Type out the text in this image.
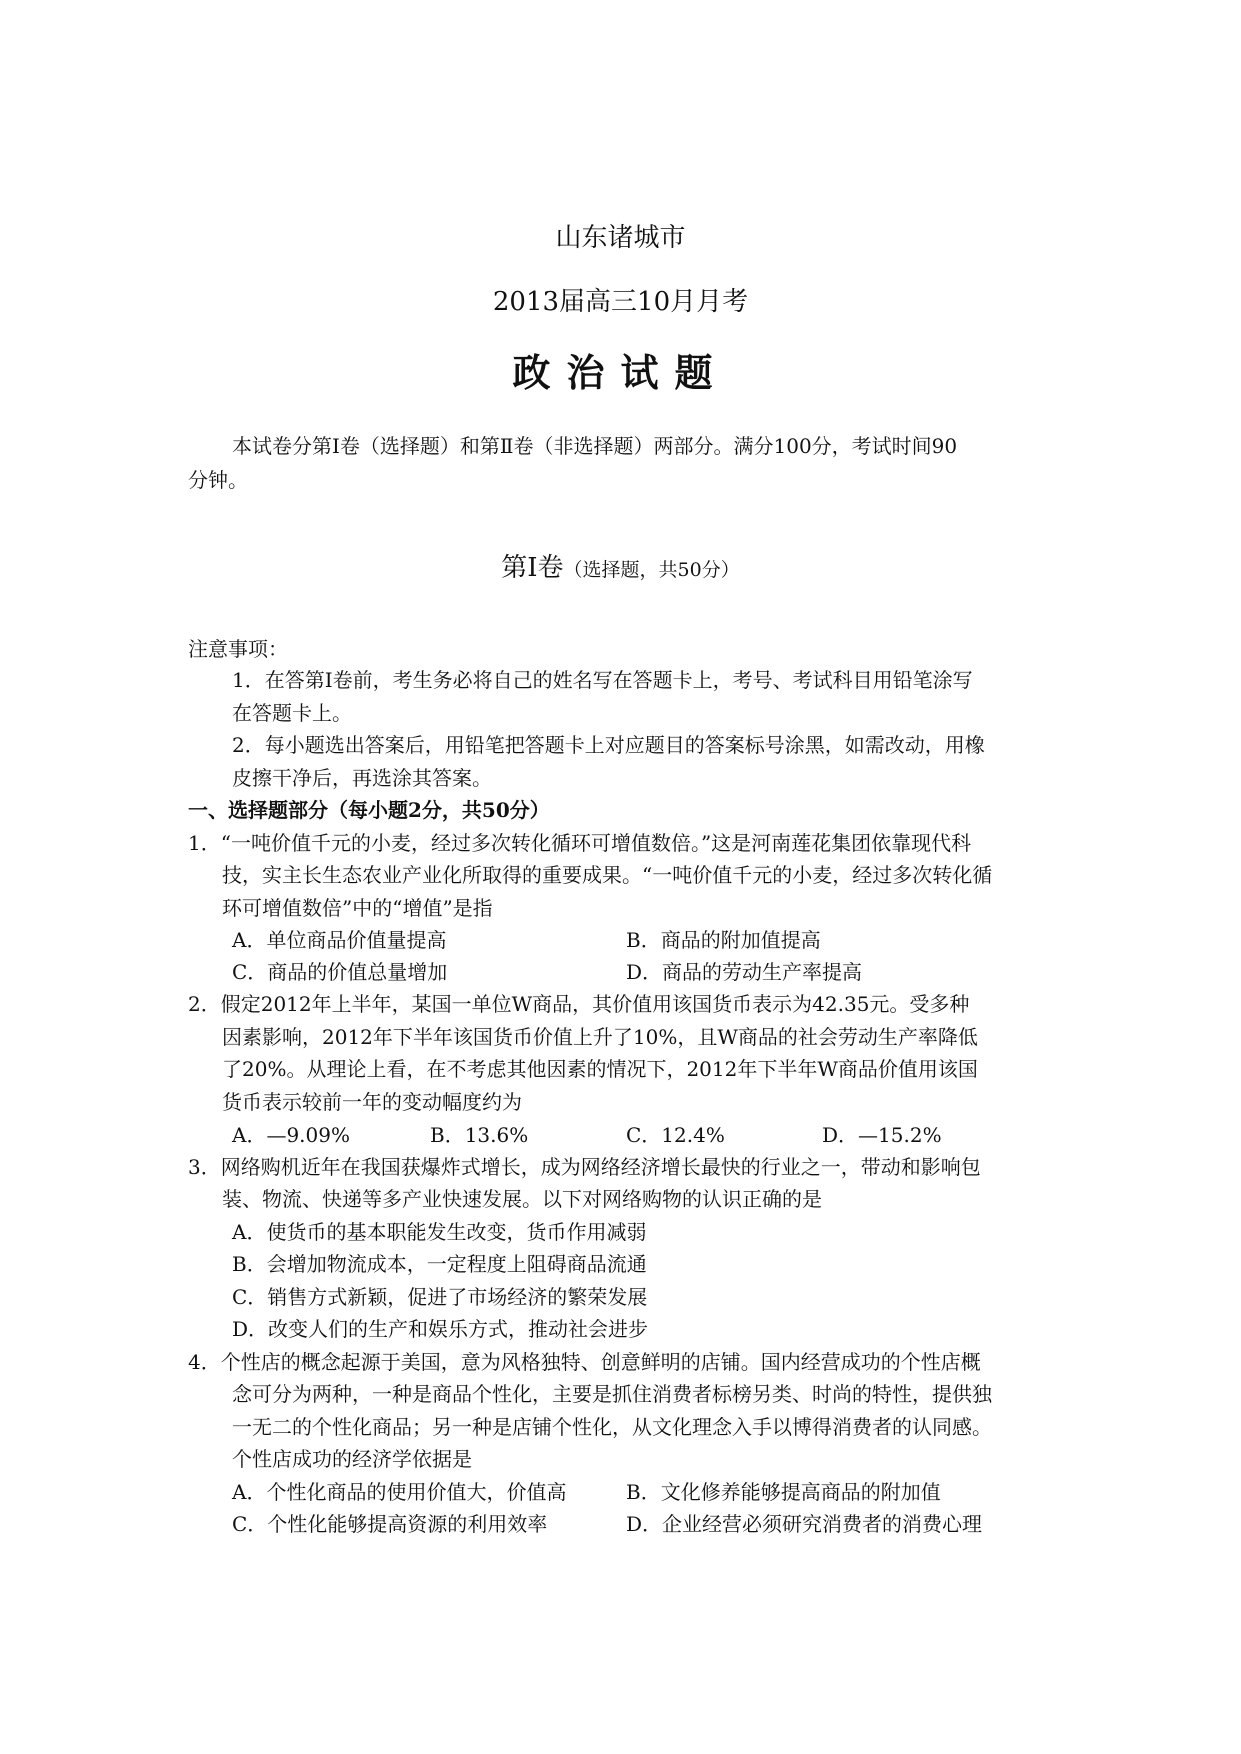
山东诸城市
2013届高三10月月考
政治试题
本试卷分第Ⅰ卷（选择题）和第Ⅱ卷（非选择题）两部分。满分100分，考试时间90
分钟。
第Ⅰ卷（选择题，共50分）
注意事项：
1．在答第Ⅰ卷前，考生务必将自己的姓名写在答题卡上，考号、考试科目用铅笔涂写
在答题卡上。
2．每小题选出答案后，用铅笔把答题卡上对应题目的答案标号涂黑，如需改动，用橡
皮擦干净后，再选涂其答案。
一、选择题部分（每小题2分，共50分）
1．“一吨价值千元的小麦，经过多次转化循环可增值数倍。”这是河南莲花集团依靠现代科
技，实主长生态农业产业化所取得的重要成果。“一吨价值千元的小麦，经过多次转化循
环可增值数倍”中的“增值”是指
A．单位商品价值量提高	B．商品的附加值提高
C．商品的价值总量增加	D．商品的劳动生产率提高
2．假定2012年上半年，某国一单位W商品，其价值用该国货币表示为42.35元。受多种
因素影响，2012年下半年该国货币价值上升了10%，且W商品的社会劳动生产率降低
了20%。从理论上看，在不考虑其他因素的情况下，2012年下半年W商品价值用该国
货币表示较前一年的变动幅度约为
A．—9.09%	B．13.6%	C．12.4%	D．—15.2%
3．网络购机近年在我国获爆炸式增长，成为网络经济增长最快的行业之一，带动和影响包
装、物流、快递等多产业快速发展。以下对网络购物的认识正确的是
A．使货币的基本职能发生改变，货币作用减弱
B．会增加物流成本，一定程度上阻碍商品流通
C．销售方式新颖，促进了市场经济的繁荣发展
D．改变人们的生产和娱乐方式，推动社会进步
4．个性店的概念起源于美国，意为风格独特、创意鲜明的店铺。国内经营成功的个性店概
念可分为两种，一种是商品个性化，主要是抓住消费者标榜另类、时尚的特性，提供独
一无二的个性化商品；另一种是店铺个性化，从文化理念入手以博得消费者的认同感。
个性店成功的经济学依据是
A．个性化商品的使用价值大，价值高	B．文化修养能够提高商品的附加值
C．个性化能够提高资源的利用效率	D．企业经营必须研究消费者的消费心理
